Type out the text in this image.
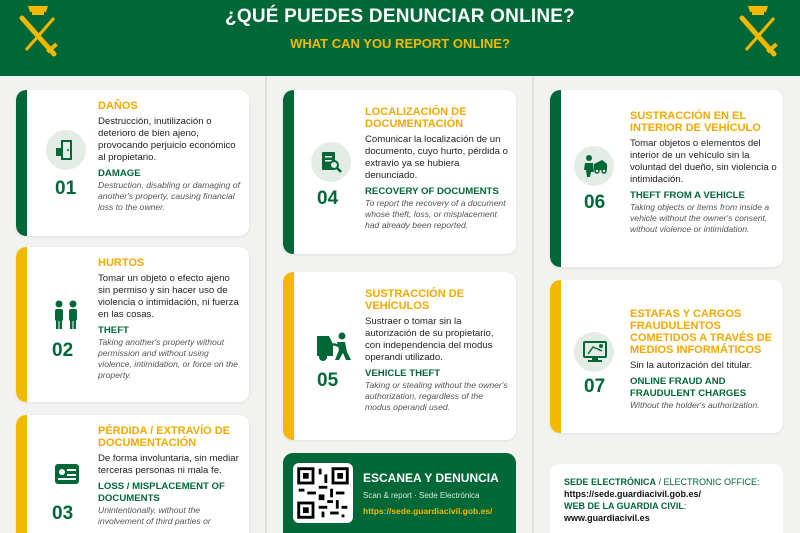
¿QUÉ PUEDES DENUNCIAR ONLINE?
WHAT CAN YOU REPORT ONLINE?
01
DAÑOS
Destrucción, inutilización o deterioro de bien ajeno, provocando perjuicio económico al propietario.
DAMAGE
Destruction, disabling or damaging of another's property, causing financial loss to the owner.
02
HURTOS
Tomar un objeto o efecto ajeno sin permiso y sin hacer uso de violencia o intimidación, ni fuerza en las cosas.
THEFT
Taking another's property without permission and without using violence, intimidation, or force on the property.
03
PÉRDIDA / EXTRAVÍO DE DOCUMENTACIÓN
De forma involuntaria, sin mediar terceras personas ni mala fe.
LOSS / MISPLACEMENT OF DOCUMENTS
Unintentionally, without the involvement of third parties or
04
LOCALIZACIÓN DE DOCUMENTACIÓN
Comunicar la localización de un documento, cuyo hurto, pérdida o extravío ya se hubiera denunciado.
RECOVERY OF DOCUMENTS
To report the recovery of a document whose theft, loss, or misplacement had already been reported.
05
SUSTRACCIÓN DE VEHÍCULOS
Sustraer o tomar sin la autorización de su propietario, con independencia del modus operandi utilizado.
VEHICLE THEFT
Taking or stealing without the owner's authorization, regardless of the modus operandi used.
ESCANEA Y DENUNCIA
Scan & report · Sede Electrónica
https://sede.guardiacivil.gob.es/
06
SUSTRACCIÓN EN EL INTERIOR DE VEHÍCULO
Tomar objetos o elementos del interior de un vehículo sin la voluntad del dueño, sin violencia o intimidación.
THEFT FROM A VEHICLE
Taking objects or items from inside a vehicle without the owner's consent, without violence or intimidation.
07
ESTAFAS Y CARGOS FRAUDULENTOS COMETIDOS A TRAVÉS DE MEDIOS INFORMÁTICOS
Sin la autorización del titular.
ONLINE FRAUD AND FRAUDULENT CHARGES
Without the holder's authorization.
SEDE ELECTRÓNICA / ELECTRONIC OFFICE:
https://sede.guardiacivil.gob.es/
WEB DE LA GUARDIA CIVIL:
www.guardiacivil.es
